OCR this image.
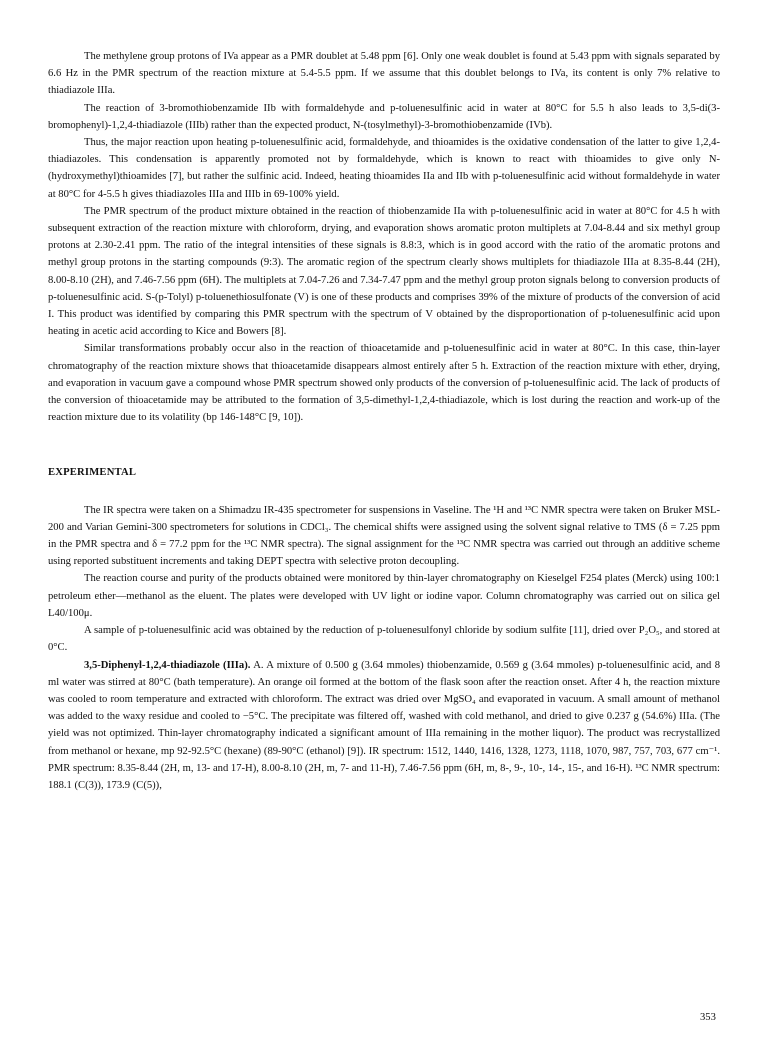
The methylene group protons of IVa appear as a PMR doublet at 5.48 ppm [6]. Only one weak doublet is found at 5.43 ppm with signals separated by 6.6 Hz in the PMR spectrum of the reaction mixture at 5.4-5.5 ppm. If we assume that this doublet belongs to IVa, its content is only 7% relative to thiadiazole IIIa.

The reaction of 3-bromothiobenzamide IIb with formaldehyde and p-toluenesulfinic acid in water at 80°C for 5.5 h also leads to 3,5-di(3-bromophenyl)-1,2,4-thiadiazole (IIIb) rather than the expected product, N-(tosylmethyl)-3-bromothiobenzamide (IVb).

Thus, the major reaction upon heating p-toluenesulfinic acid, formaldehyde, and thioamides is the oxidative condensation of the latter to give 1,2,4-thiadiazoles. This condensation is apparently promoted not by formaldehyde, which is known to react with thioamides to give only N-(hydroxymethyl)thioamides [7], but rather the sulfinic acid. Indeed, heating thioamides IIa and IIb with p-toluenesulfinic acid without formaldehyde in water at 80°C for 4-5.5 h gives thiadiazoles IIIa and IIIb in 69-100% yield.

The PMR spectrum of the product mixture obtained in the reaction of thiobenzamide IIa with p-toluenesulfinic acid in water at 80°C for 4.5 h with subsequent extraction of the reaction mixture with chloroform, drying, and evaporation shows aromatic proton multiplets at 7.04-8.44 and six methyl group protons at 2.30-2.41 ppm. The ratio of the integral intensities of these signals is 8.8:3, which is in good accord with the ratio of the aromatic protons and methyl group protons in the starting compounds (9:3). The aromatic region of the spectrum clearly shows multiplets for thiadiazole IIIa at 8.35-8.44 (2H), 8.00-8.10 (2H), and 7.46-7.56 ppm (6H). The multiplets at 7.04-7.26 and 7.34-7.47 ppm and the methyl group proton signals belong to conversion products of p-toluenesulfinic acid. S-(p-Tolyl) p-toluenethiosulfonate (V) is one of these products and comprises 39% of the mixture of products of the conversion of acid I. This product was identified by comparing this PMR spectrum with the spectrum of V obtained by the disproportionation of p-toluenesulfinic acid upon heating in acetic acid according to Kice and Bowers [8].

Similar transformations probably occur also in the reaction of thioacetamide and p-toluenesulfinic acid in water at 80°C. In this case, thin-layer chromatography of the reaction mixture shows that thioacetamide disappears almost entirely after 5 h. Extraction of the reaction mixture with ether, drying, and evaporation in vacuum gave a compound whose PMR spectrum showed only products of the conversion of p-toluenesulfinic acid. The lack of products of the conversion of thioacetamide may be attributed to the formation of 3,5-dimethyl-1,2,4-thiadiazole, which is lost during the reaction and work-up of the reaction mixture due to its volatility (bp 146-148°C [9, 10]).

EXPERIMENTAL

The IR spectra were taken on a Shimadzu IR-435 spectrometer for suspensions in Vaseline. The ¹H and ¹³C NMR spectra were taken on Bruker MSL-200 and Varian Gemini-300 spectrometers for solutions in CDCl₃. The chemical shifts were assigned using the solvent signal relative to TMS (δ = 7.25 ppm in the PMR spectra and δ = 77.2 ppm for the ¹³C NMR spectra). The signal assignment for the ¹³C NMR spectra was carried out through an additive scheme using reported substituent increments and taking DEPT spectra with selective proton decoupling.

The reaction course and purity of the products obtained were monitored by thin-layer chromatography on Kieselgel F254 plates (Merck) using 100:1 petroleum ether—methanol as the eluent. The plates were developed with UV light or iodine vapor. Column chromatography was carried out on silica gel L40/100μ.

A sample of p-toluenesulfinic acid was obtained by the reduction of p-toluenesulfonyl chloride by sodium sulfite [11], dried over P₂O₅, and stored at 0°C.

3,5-Diphenyl-1,2,4-thiadiazole (IIIa). A. A mixture of 0.500 g (3.64 mmoles) thiobenzamide, 0.569 g (3.64 mmoles) p-toluenesulfinic acid, and 8 ml water was stirred at 80°C (bath temperature). An orange oil formed at the bottom of the flask soon after the reaction onset. After 4 h, the reaction mixture was cooled to room temperature and extracted with chloroform. The extract was dried over MgSO₄ and evaporated in vacuum. A small amount of methanol was added to the waxy residue and cooled to −5°C. The precipitate was filtered off, washed with cold methanol, and dried to give 0.237 g (54.6%) IIIa. (The yield was not optimized. Thin-layer chromatography indicated a significant amount of IIIa remaining in the mother liquor). The product was recrystallized from methanol or hexane, mp 92-92.5°C (hexane) (89-90°C (ethanol) [9]). IR spectrum: 1512, 1440, 1416, 1328, 1273, 1118, 1070, 987, 757, 703, 677 cm⁻¹. PMR spectrum: 8.35-8.44 (2H, m, 13- and 17-H), 8.00-8.10 (2H, m, 7- and 11-H), 7.46-7.56 ppm (6H, m, 8-, 9-, 10-, 14-, 15-, and 16-H). ¹³C NMR spectrum: 188.1 (C(3)), 173.9 (C(5)),

353
